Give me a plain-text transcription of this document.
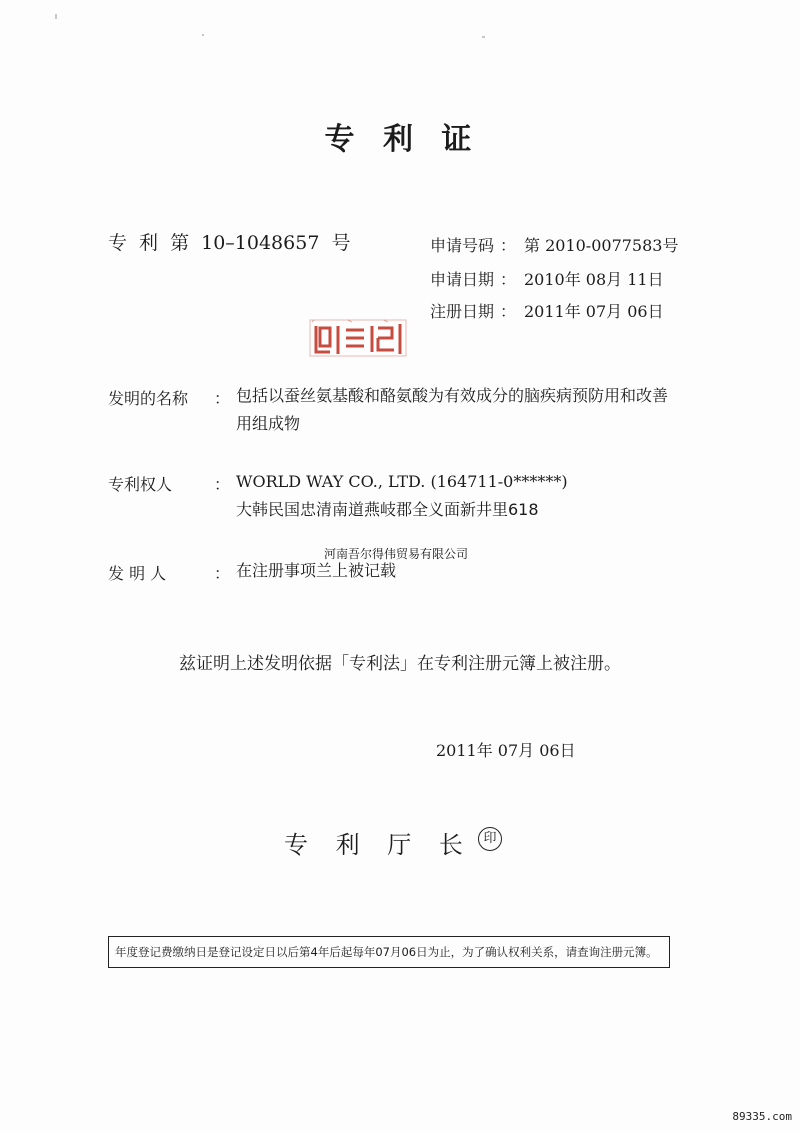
专 利 证
专 利 第 10–1048657 号	申请号码 ： 第 2010-0077583号
申请日期 ： 2010年 08月 11日
注册日期 ： 2011年 07月 06日
发明的名称 ： 包括以蚕丝氨基酸和酪氨酸为有效成分的脑疾病预防用和改善
用组成物
专利权人	： WORLD WAY CO., LTD. (164711-0******)
大韩民国忠清南道燕岐郡全义面新井里618
河南吾尔得伟贸易有限公司
发 明 人	： 在注册事项兰上被记载
兹证明上述发明依据「专利法」在专利注册元簿上被注册。
2011年 07月 06日
专 利 厅 长 印
年度登记费缴纳日是登记设定日以后第4年后起每年07月06日为止，为了确认权利关系，请查询注册元簿。
89335.com
